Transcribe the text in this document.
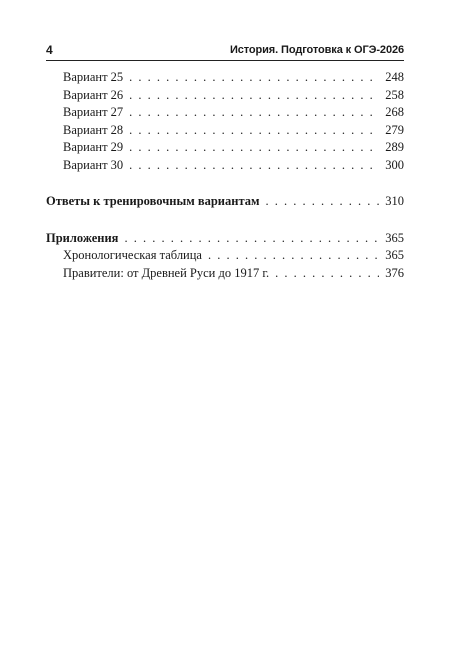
4	История. Подготовка к ОГЭ-2026
Вариант 25 . . .	248
Вариант 26 . . .	258
Вариант 27 . . .	268
Вариант 28 . . .	279
Вариант 29 . . .	289
Вариант 30 . . .	300
Ответы к тренировочным вариантам . . .	310
Приложения . . .	365
Хронологическая таблица . . .	365
Правители: от Древней Руси до 1917 г. . . .	376
